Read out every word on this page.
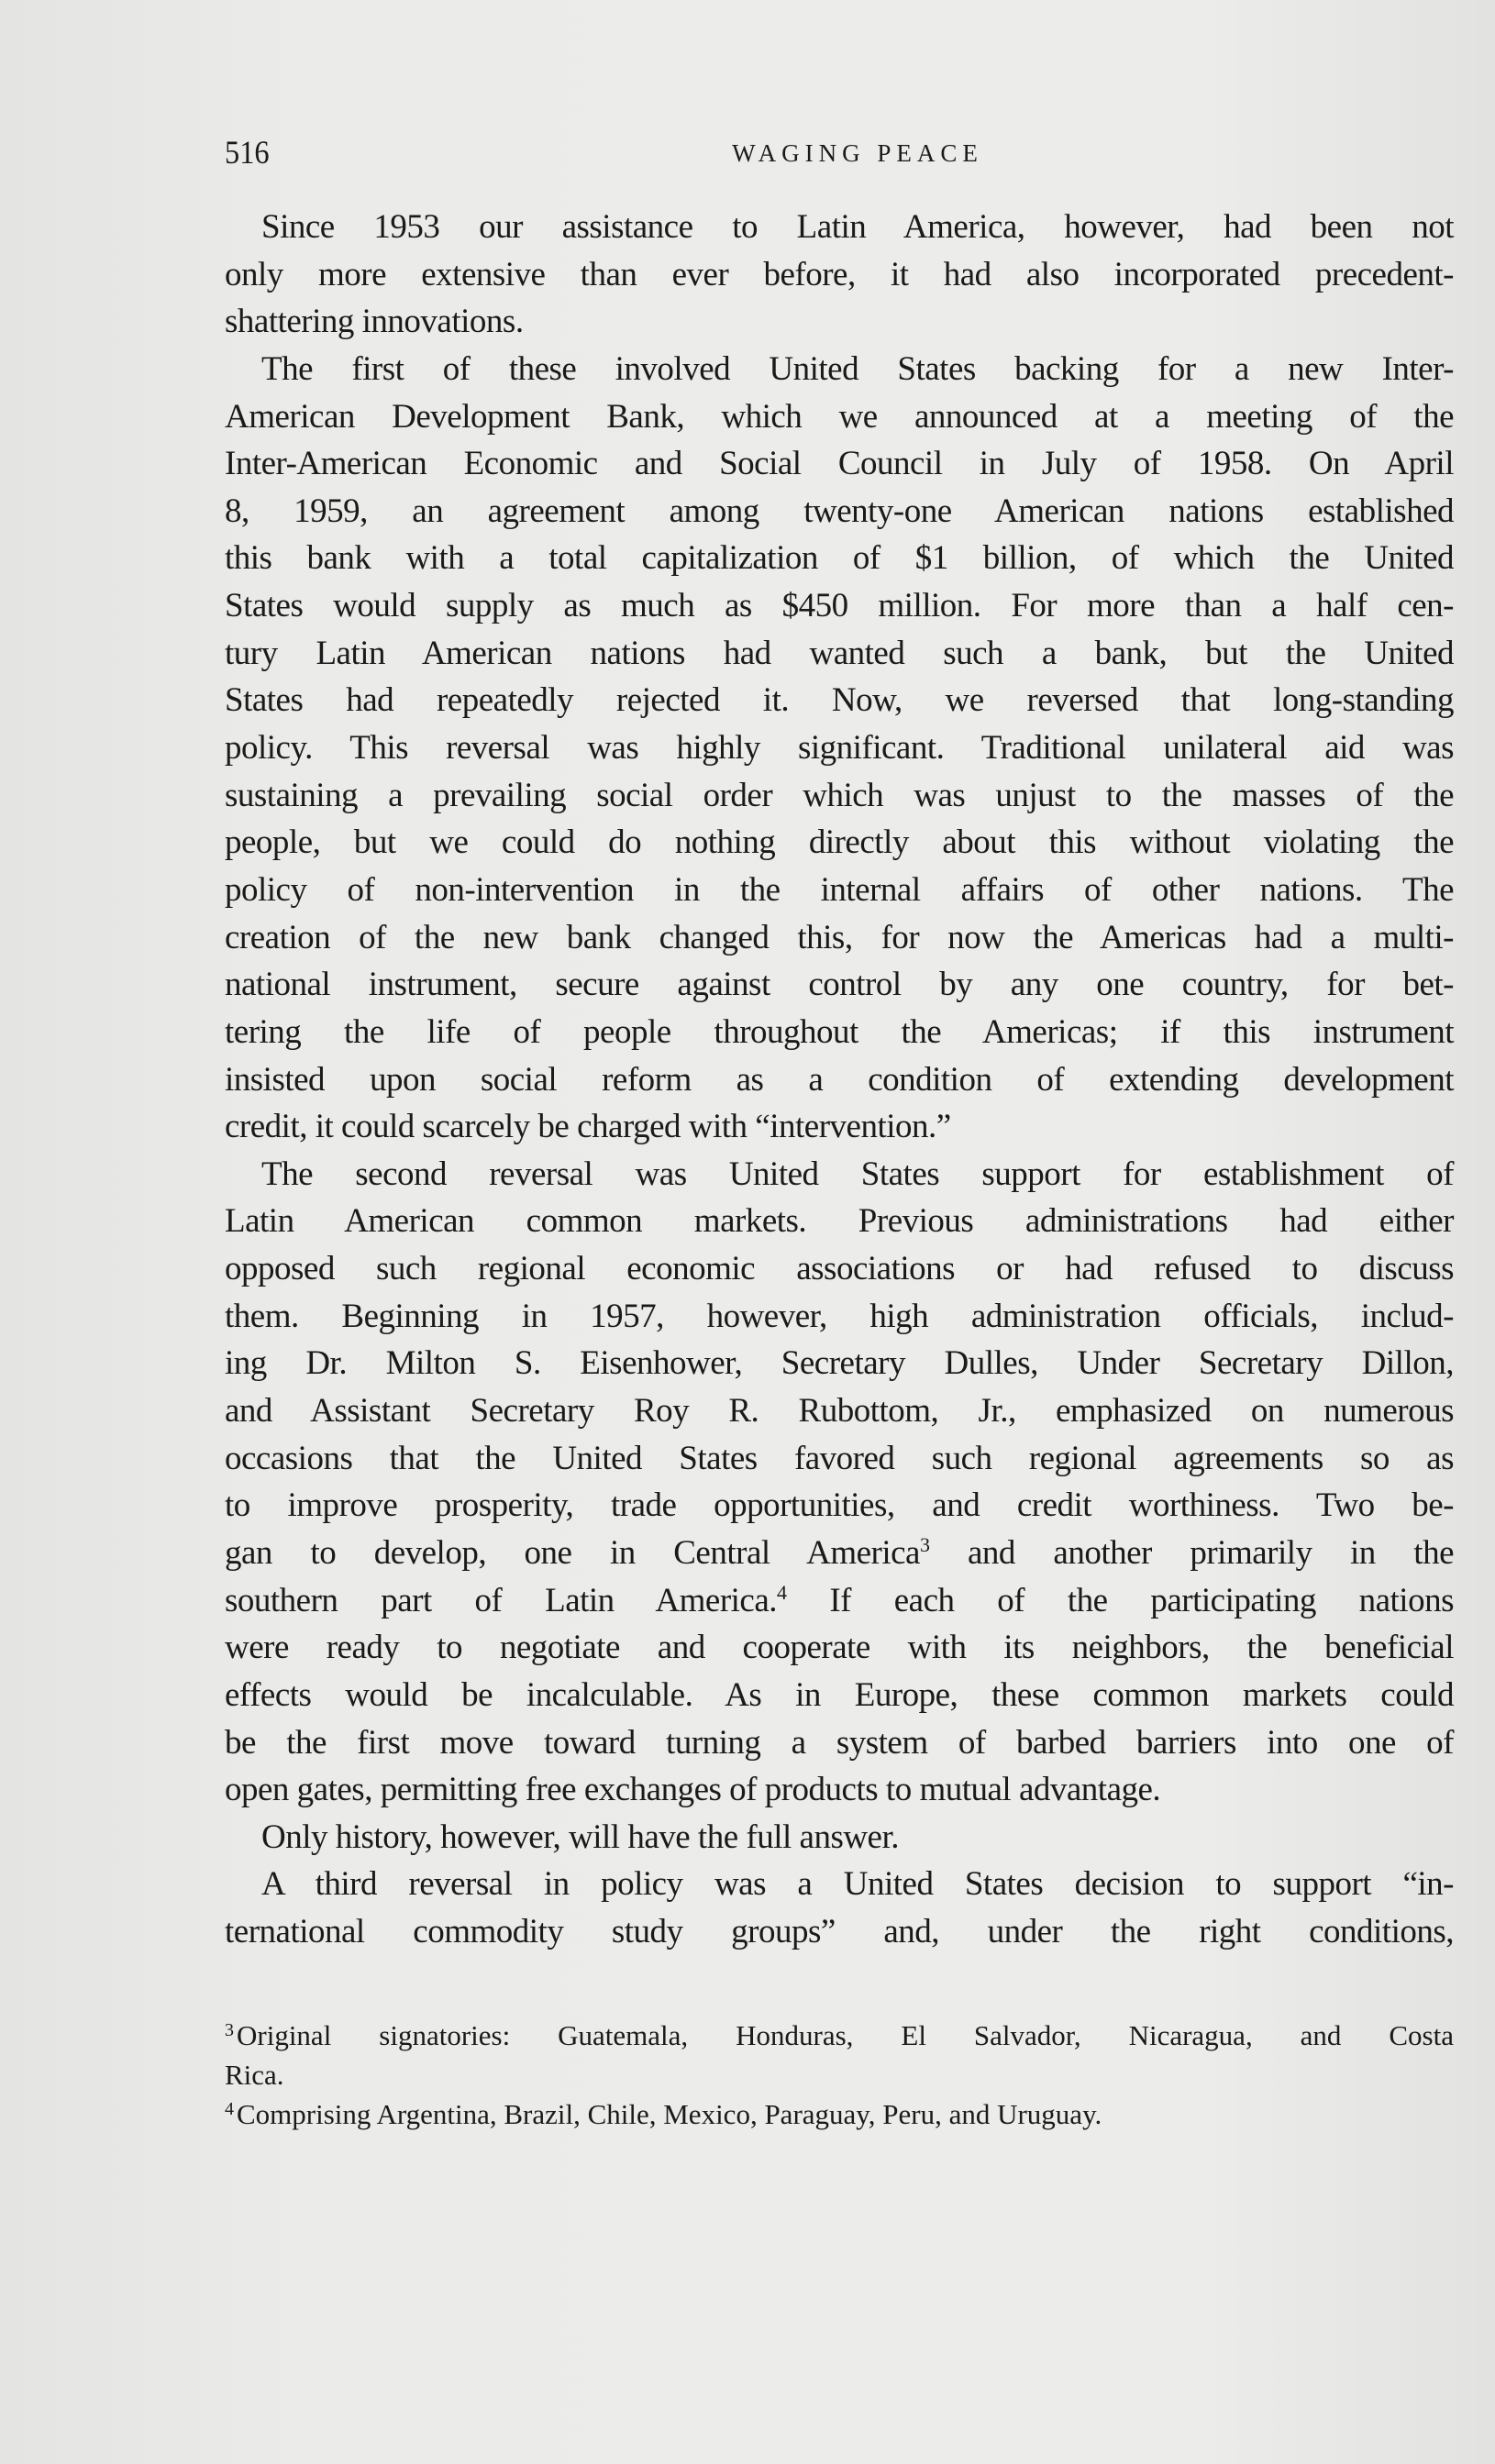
516	WAGING PEACE
Since 1953 our assistance to Latin America, however, had been not
only more extensive than ever before, it had also incorporated precedent-
shattering innovations.
The first of these involved United States backing for a new Inter-
American Development Bank, which we announced at a meeting of the
Inter-American Economic and Social Council in July of 1958. On April
8, 1959, an agreement among twenty-one American nations established
this bank with a total capitalization of $1 billion, of which the United
States would supply as much as $450 million. For more than a half cen-
tury Latin American nations had wanted such a bank, but the United
States had repeatedly rejected it. Now, we reversed that long-standing
policy. This reversal was highly significant. Traditional unilateral aid was
sustaining a prevailing social order which was unjust to the masses of the
people, but we could do nothing directly about this without violating the
policy of non-intervention in the internal affairs of other nations. The
creation of the new bank changed this, for now the Americas had a multi-
national instrument, secure against control by any one country, for bet-
tering the life of people throughout the Americas; if this instrument
insisted upon social reform as a condition of extending development
credit, it could scarcely be charged with “intervention.”
The second reversal was United States support for establishment of
Latin American common markets. Previous administrations had either
opposed such regional economic associations or had refused to discuss
them. Beginning in 1957, however, high administration officials, includ-
ing Dr. Milton S. Eisenhower, Secretary Dulles, Under Secretary Dillon,
and Assistant Secretary Roy R. Rubottom, Jr., emphasized on numerous
occasions that the United States favored such regional agreements so as
to improve prosperity, trade opportunities, and credit worthiness. Two be-
gan to develop, one in Central America$^3$ and another primarily in the
southern part of Latin America.$^4$ If each of the participating nations
were ready to negotiate and cooperate with its neighbors, the beneficial
effects would be incalculable. As in Europe, these common markets could
be the first move toward turning a system of barbed barriers into one of
open gates, permitting free exchanges of products to mutual advantage.
Only history, however, will have the full answer.
A third reversal in policy was a United States decision to support “in-
ternational commodity study groups” and, under the right conditions,
$^3$Original signatories: Guatemala, Honduras, El Salvador, Nicaragua, and Costa
Rica.
$^4$Comprising Argentina, Brazil, Chile, Mexico, Paraguay, Peru, and Uruguay.
